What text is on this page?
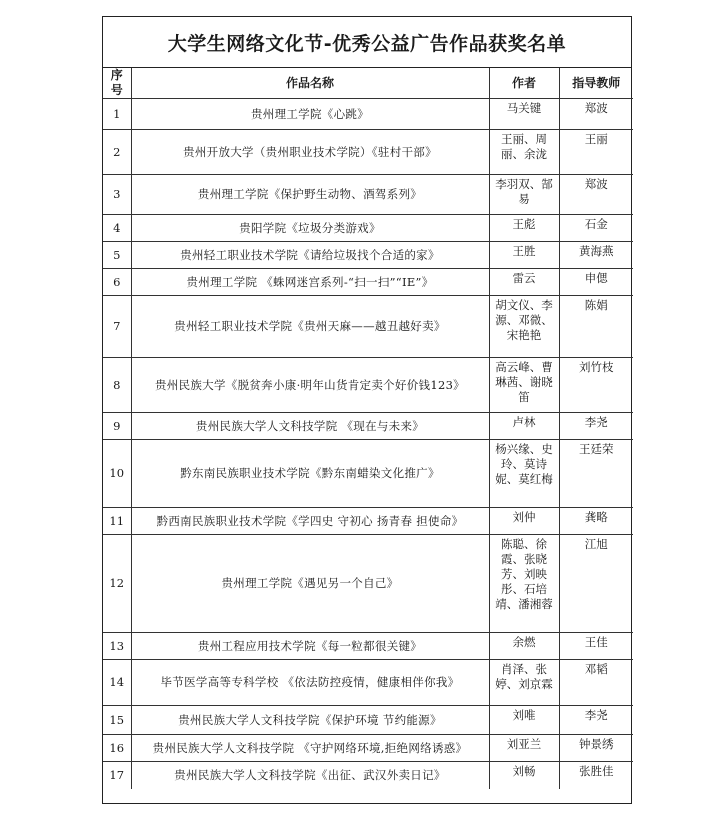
大学生网络文化节-优秀公益广告作品获奖名单
序号	作品名称	作者	指导教师
1	贵州理工学院《心跳》	马关键	郑波
2	贵州开放大学（贵州职业技术学院）《驻村干部》	王丽、周丽、余泷	王丽
3	贵州理工学院《保护野生动物、酒驾系列》	李羽双、郜易	郑波
4	贵阳学院《垃圾分类游戏》	王彪	石金
5	贵州轻工职业技术学院《请给垃圾找个合适的家》	王胜	黄海燕
6	贵州理工学院 《蛛网迷宫系列-“扫一扫”“IE”》	雷云	申偲
7	贵州轻工职业技术学院《贵州天麻——越丑越好卖》	胡文仪、李源、邓微、宋艳艳	陈娟
8	贵州民族大学《脱贫奔小康·明年山货肯定卖个好价钱123》	高云峰、曹琳茜、谢晓笛	刘竹枝
9	贵州民族大学人文科技学院 《现在与未来》	卢林	李尧
10	黔东南民族职业技术学院《黔东南蜡染文化推广》	杨兴缘、史玲、莫诗妮、莫红梅	王廷荣
11	黔西南民族职业技术学院《学四史 守初心 扬青春 担使命》	刘仲	龚略
12	贵州理工学院《遇见另一个自己》	陈聪、徐霞、张晓芳、刘映彤、石培靖、潘湘蓉	江旭
13	贵州工程应用技术学院《每一粒都很关键》	余燃	王佳
14	毕节医学高等专科学校 《依法防控疫情，健康相伴你我》	肖泽、张婷、刘京霖	邓韬
15	贵州民族大学人文科技学院《保护环境 节约能源》	刘唯	李尧
16	贵州民族大学人文科技学院 《守护网络环境,拒绝网络诱惑》	刘亚兰	钟景绣
17	贵州民族大学人文科技学院《出征、武汉外卖日记》	刘畅	张胜佳
